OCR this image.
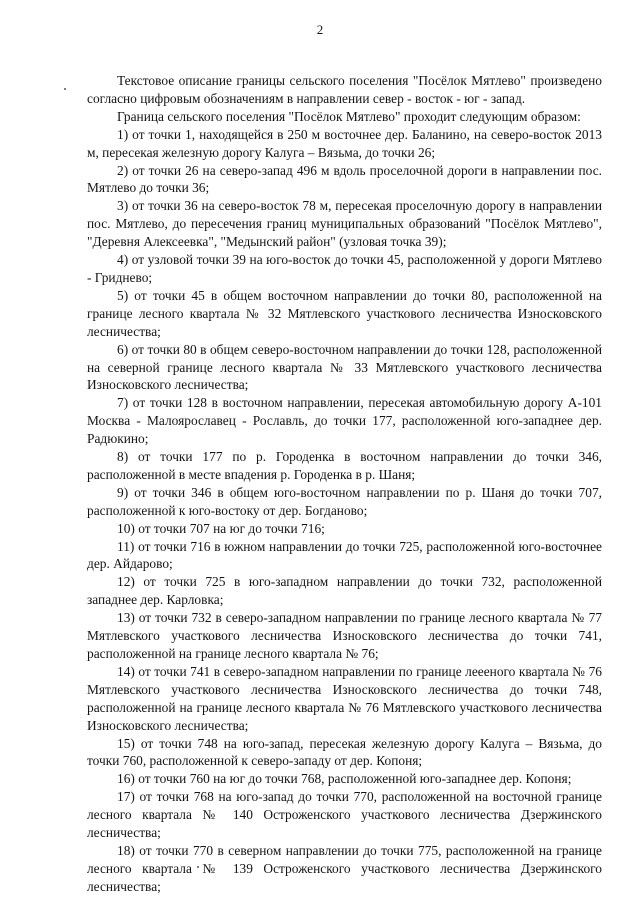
2

Текстовое описание границы сельского поселения "Посёлок Мятлево" произведено согласно цифровым обозначениям в направлении север - восток - юг - запад.

Граница сельского поселения "Посёлок Мятлево" проходит следующим образом:

1) от точки 1, находящейся в 250 м восточнее дер. Баланино, на северо-восток 2013 м, пересекая железную дорогу Калуга – Вязьма, до точки 26;

2) от точки 26 на северо-запад 496 м вдоль проселочной дороги в направлении пос. Мятлево до точки 36;

3) от точки 36 на северо-восток 78 м, пересекая проселочную дорогу в направлении пос. Мятлево, до пересечения границ муниципальных образований "Посёлок Мятлево", "Деревня Алексеевка", "Медынский район" (узловая точка 39);

4) от узловой точки 39 на юго-восток до точки 45, расположенной у дороги Мятлево - Гриднево;

5) от точки 45 в общем восточном направлении до точки 80, расположенной на границе лесного квартала № 32 Мятлевского участкового лесничества Износковского лесничества;

6) от точки 80 в общем северо-восточном направлении до точки 128, расположенной на северной границе лесного квартала № 33 Мятлевского участкового лесничества Износковского лесничества;

7) от точки 128 в восточном направлении, пересекая автомобильную дорогу А-101 Москва - Малоярославец - Рославль, до точки 177, расположенной юго-западнее дер. Радюкино;

8) от точки 177 по р. Городенка в восточном направлении до точки 346, расположенной в месте впадения р. Городенка в р. Шаня;

9) от точки 346 в общем юго-восточном направлении по р. Шаня до точки 707, расположенной к юго-востоку от дер. Богданово;

10) от точки 707 на юг до точки 716;

11) от точки 716 в южном направлении до точки 725, расположенной юго-восточнее дер. Айдарово;

12) от точки 725 в юго-западном направлении до точки 732, расположенной западнее дер. Карловка;

13) от точки 732 в северо-западном направлении по границе лесного квартала № 77 Мятлевского участкового лесничества Износковского лесничества до точки 741, расположенной на границе лесного квартала № 76;

14) от точки 741 в северо-западном направлении по границе леееного квартала № 76 Мятлевского участкового лесничества Износковского лесничества до точки 748, расположенной на границе лесного квартала № 76 Мятлевского участкового лесничества Износковского лесничества;

15) от точки 748 на юго-запад, пересекая железную дорогу Калуга – Вязьма, до точки 760, расположенной к северо-западу от дер. Копоня;

16) от точки 760 на юг до точки 768, расположенной юго-западнее дер. Копоня;

17) от точки 768 на юго-запад до точки 770, расположенной на восточной границе лесного квартала № 140 Остроженского участкового лесничества Дзержинского лесничества;

18) от точки 770 в северном направлении до точки 775, расположенной на границе лесного квартала № 139 Остроженского участкового лесничества Дзержинского лесничества;
